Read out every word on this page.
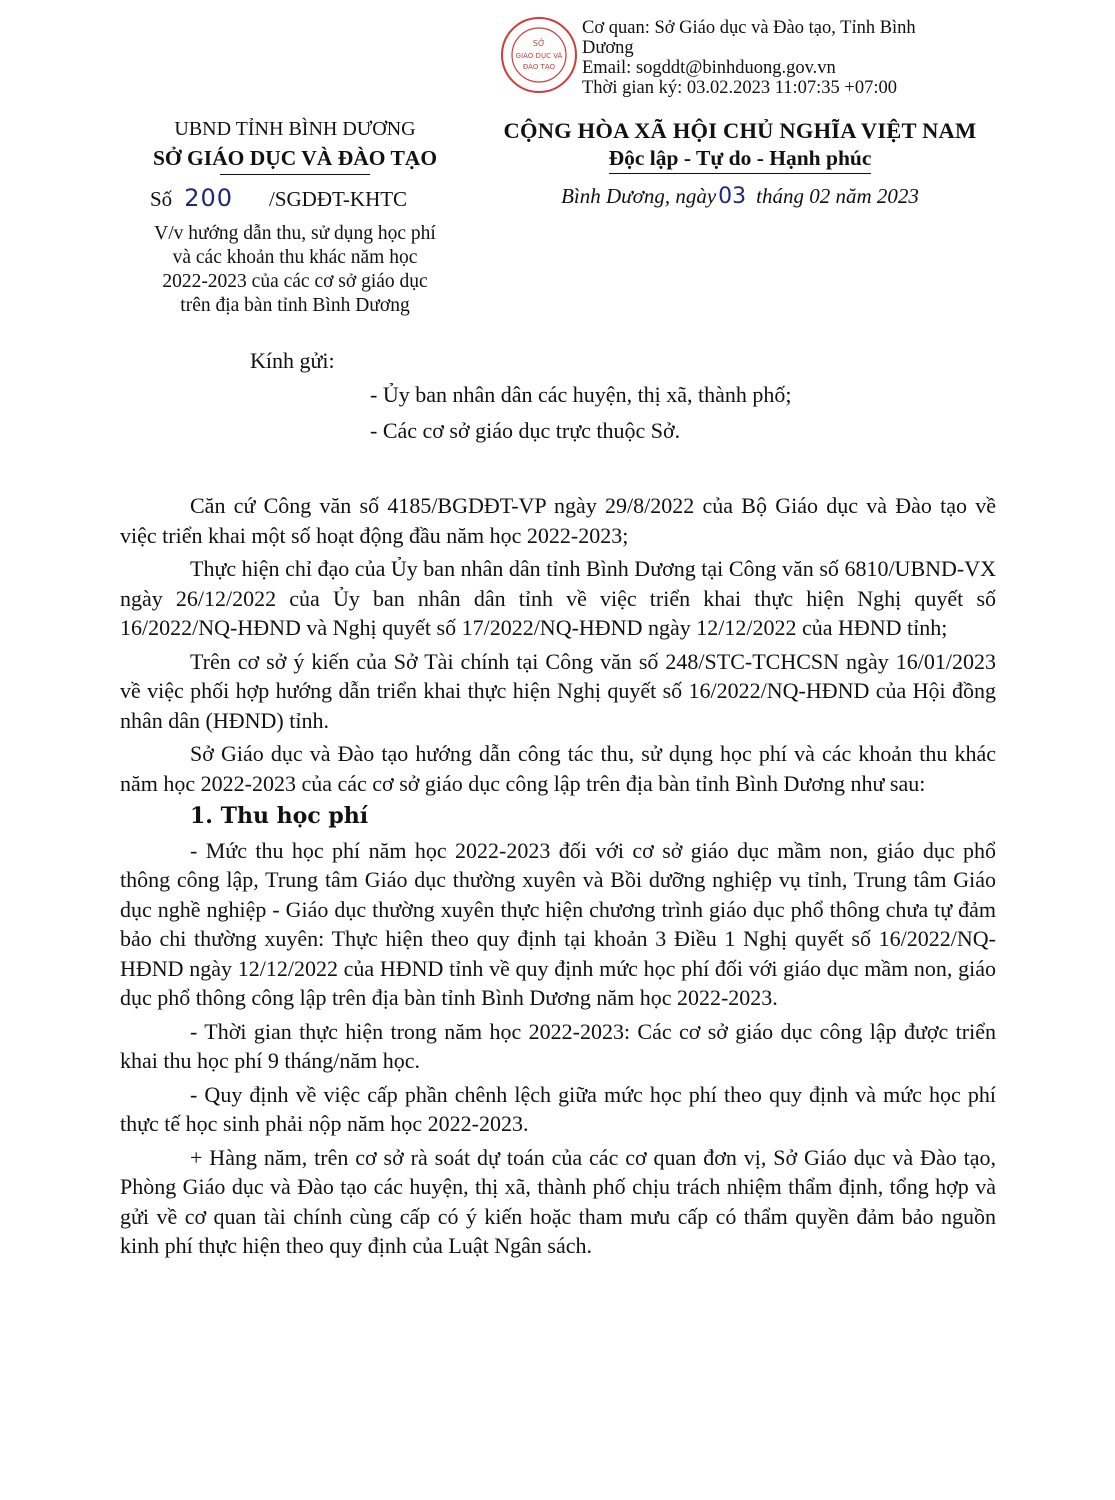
SỞ
GIÁO DỤC VÀ
ĐÀO TẠO
Cơ quan: Sở Giáo dục và Đào tạo, Tỉnh Bình
Dương
Email: sogddt@binhduong.gov.vn
Thời gian ký: 03.02.2023 11:07:35 +07:00
UBND TỈNH BÌNH DƯƠNG
SỞ GIÁO DỤC VÀ ĐÀO TẠO
Số 200 /SGDĐT-KHTC
V/v hướng dẫn thu, sử dụng học phí
và các khoản thu khác năm học
2022-2023 của các cơ sở giáo dục
trên địa bàn tỉnh Bình Dương
CỘNG HÒA XÃ HỘI CHỦ NGHĨA VIỆT NAM
Độc lập - Tự do - Hạnh phúc
Bình Dương, ngày03 tháng 02 năm 2023
Kính gửi:
- Ủy ban nhân dân các huyện, thị xã, thành phố;
- Các cơ sở giáo dục trực thuộc Sở.

Căn cứ Công văn số 4185/BGDĐT-VP ngày 29/8/2022 của Bộ Giáo dục và Đào tạo về việc triển khai một số hoạt động đầu năm học 2022-2023;

Thực hiện chỉ đạo của Ủy ban nhân dân tỉnh Bình Dương tại Công văn số 6810/UBND-VX ngày 26/12/2022 của Ủy ban nhân dân tỉnh về việc triển khai thực hiện Nghị quyết số 16/2022/NQ-HĐND và Nghị quyết số 17/2022/NQ-HĐND ngày 12/12/2022 của HĐND tỉnh;

Trên cơ sở ý kiến của Sở Tài chính tại Công văn số 248/STC-TCHCSN ngày 16/01/2023 về việc phối hợp hướng dẫn triển khai thực hiện Nghị quyết số 16/2022/NQ-HĐND của Hội đồng nhân dân (HĐND) tỉnh.

Sở Giáo dục và Đào tạo hướng dẫn công tác thu, sử dụng học phí và các khoản thu khác năm học 2022-2023 của các cơ sở giáo dục công lập trên địa bàn tỉnh Bình Dương như sau:

1. Thu học phí

- Mức thu học phí năm học 2022-2023 đối với cơ sở giáo dục mầm non, giáo dục phổ thông công lập, Trung tâm Giáo dục thường xuyên và Bồi dưỡng nghiệp vụ tỉnh, Trung tâm Giáo dục nghề nghiệp - Giáo dục thường xuyên thực hiện chương trình giáo dục phổ thông chưa tự đảm bảo chi thường xuyên: Thực hiện theo quy định tại khoản 3 Điều 1 Nghị quyết số 16/2022/NQ-HĐND ngày 12/12/2022 của HĐND tỉnh về quy định mức học phí đối với giáo dục mầm non, giáo dục phổ thông công lập trên địa bàn tỉnh Bình Dương năm học 2022-2023.

- Thời gian thực hiện trong năm học 2022-2023: Các cơ sở giáo dục công lập được triển khai thu học phí 9 tháng/năm học.

- Quy định về việc cấp phần chênh lệch giữa mức học phí theo quy định và mức học phí thực tế học sinh phải nộp năm học 2022-2023.

+ Hàng năm, trên cơ sở rà soát dự toán của các cơ quan đơn vị, Sở Giáo dục và Đào tạo, Phòng Giáo dục và Đào tạo các huyện, thị xã, thành phố chịu trách nhiệm thẩm định, tổng hợp và gửi về cơ quan tài chính cùng cấp có ý kiến hoặc tham mưu cấp có thẩm quyền đảm bảo nguồn kinh phí thực hiện theo quy định của Luật Ngân sách.
